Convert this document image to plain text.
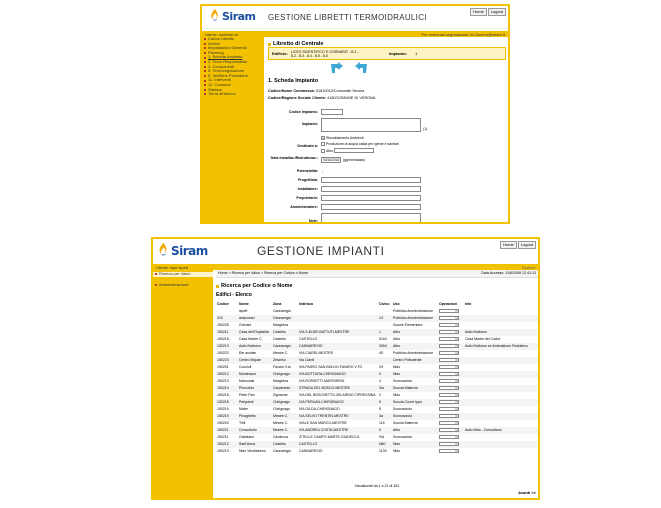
Siram GESTIONE LIBRETTI TERMOIDRAULICI
Home	Logout
Utente: ispettori srl	Per eventuali segnalazioni: M.Genero@siram.it
Carica Libretto
Archivi
Impostazioni Generali
Planning
1. Scheda Impianto
2. Terzo Responsabile
4. Componenti
5. Termoregolazione
9. Verifiche Periodiche
11. Interventi
12. Consumi
Stampa
Torna all'elenco
Libretto di Centrale
Edificio: LICEO SCIENTIFICO 'E.CORNARO' - B.1 - 8.2 - 8.3 - 8.4 - 8.5 - 8.6	Impianto: 1
1. Scheda Impianto
Codice/Nome Commessa: 01810012/Comunale Verona
Codice/Ragione Sociale Cliente: 4160/COMUNE DI VERONA
Codice Impianto:
Impianto:
(1)
Destinato a:
Riscaldamento Ambienti
Produzione di acqua calda per igiene e sanitari
Altro
Data Installaz./Ristrutturaz.:	03/10/2002 (gg/mm/aaaa)
Potenzialita: -
Progettista:
Installatore:
Proprietario:
Amministratore:
Note:
Siram	GESTIONE IMPIANTI	Home	Logout
Utente: ispe ispett	System
Ricerca per Valori
Amministrazione
Home > Ricerca per Valori > Ricerca per Codice o Nome	Data Accesso: 11/6/2008 12:41:13
Ricerca per Codice o Nome
Edifici - Elenco
Codice	Nome	Zona	Indirizzo	Civico	Uso	Operazioni	Info
	ispett	Cannaregio			Pubblica Amministrazione		
210	assicurazi	Cannaregio		13	Pubblica Amministrazione		
150228	Grimani	Marghera			Scuole Elementare		
150211	Casa dell'Ospitalita	Castello	VIA S.M.DEI BATTUTI-MESTRE	1	Altro		Asilo Notturno
150216	Casa Madre C.	Castello	CASTELLO	5104	Altro		Casa Madre dei Cadut.
150219	Asilo Notturno	Cannaregio	CANNAREGIO	3054	Altro		Asilo Notturno ex Ambulatorio Pediatrico
150222	Ete avviale	Mestre C.	VIA CIARDI-MESTRE	45	Pubblica Amministrazione		
150224	Centro Mopan	Zelarino	Via Ciardi		Centro Polivalente		
150201	Cuccioli	Favaro V.to	VIA PASSO SAN BOLDO-FAVARO V.TO	29	Nido		
150212	Montessori	Chirignago	VIA BOTTURA-CHIRIGNAGO	3	Nido		
150213	Marcovati	Marghera	VIA ROSSETTI-MARGHERA	4	Sconosciuto		
150214	Pinocchio	Carpenedo	STRADA DEL BOSCO-MESTRE	3/a	Scuola Materna		
150216	Peter Pan	Zignaone	VIA DEL BOSCHETTO-ZELARINO CIPRESSINA	2	Nido		
150218	Peripaioli	Chirignago	VIA PERUAN-CHIRIGNAGO	5	Scuola Cuore Ippo		
150219	Mafer	Chirignago	VIA GILDA-CHIRIGNAGO	5	Sconosciuto		
150219	Pinaghetto	Mestre C.	VIA SELVO TRENTIN-MESTRE	3a	Sconosciuto		
150220	Trilli	Mestre C.	VIALE SAN MARCO-MESTRE	115	Scuola Materna		
150221	Consultorio	Mestre C.	VIA ANDREA COSTA-MESTRE	9	Altro		Asilo Nido - Consultorio
150211	Gabbiano	Giudecca	ZITELLE CAMPO MARTE-GIUDECCA	9/A	Sconosciuto		
150212	Sant'Anna	Castello	CASTELLO	N60	Nido		
150213	Nido Vendiabeno	Cannaregio	CANNAREGIO	1139	Nido		
Visualizzati da 1 a 21 di 361
Avanti >>
